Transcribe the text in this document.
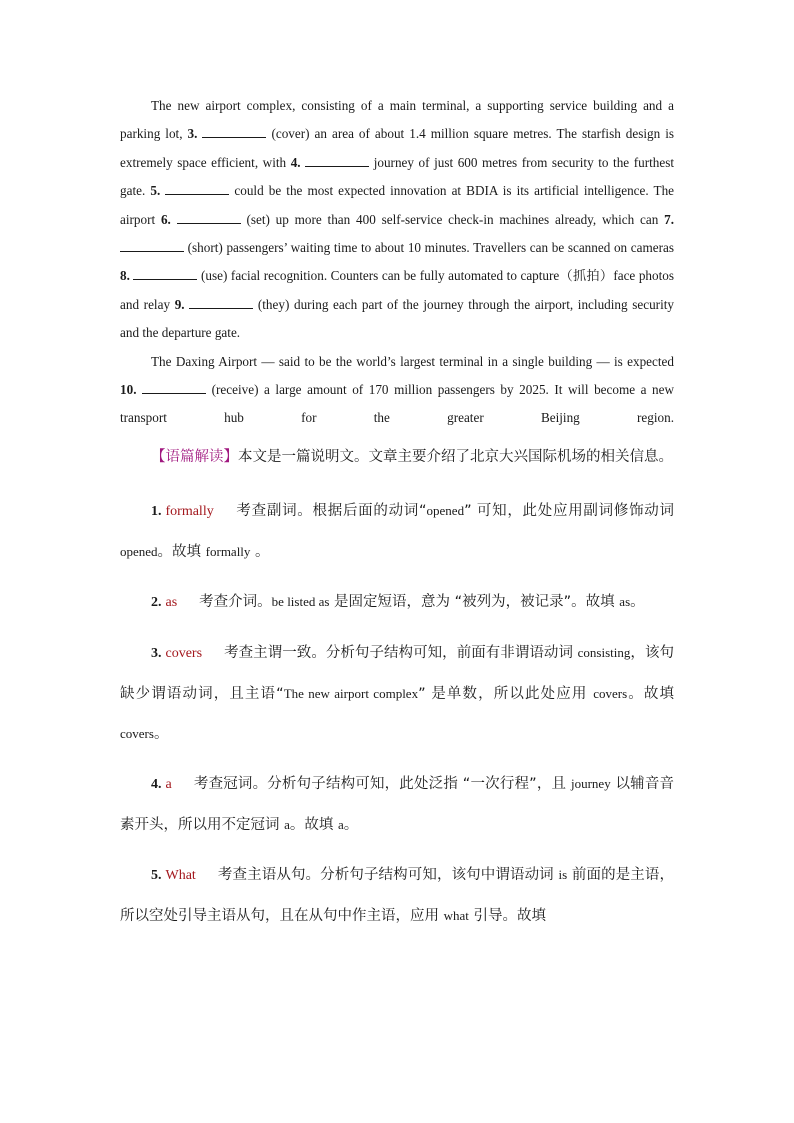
The new airport complex, consisting of a main terminal, a supporting service building and a parking lot, 3.	(cover) an area of about 1.4 million square metres. The starfish design is extremely space efficient, with 4.	journey of just 600 metres from security to the furthest gate. 5.	could be the most expected innovation at BDIA is its artificial intelligence. The airport 6.	(set) up more than 400 self-service check-in machines already, which can 7.  (short) passengers’ waiting time to about 10 minutes. Travellers can be scanned on cameras 8.	(use) facial recognition. Counters can be fully automated to capture（抓拍）face photos and relay 9.	(they) during each part of the journey through the airport, including security and the departure gate.

The Daxing Airport — said to be the world’s largest terminal in a single building — is expected 10.	(receive) a large amount of 170 million passengers by 2025. It will become a new transport hub for the greater Beijing region.

【语篇解读】本文是一篇说明文。文章主要介绍了北京大兴国际机场的相关信息。

1. formally 考查副词。根据后面的动词“opened” 可知，此处应用副词修饰动词 opened。故填 formally 。

2. as 考查介词。be listed as 是固定短语，意为 “被列为，被记录”。故填 as。

3. covers 考查主谓一致。分析句子结构可知，前面有非谓语动词 consisting，该句缺少谓语动词，且主语“The new airport complex” 是单数，所以此处应用 covers。故填 covers。

4. a 考查冠词。分析句子结构可知，此处泛指 “一次行程”，且 journey 以辅音音素开头，所以用不定冠词 a。故填 a。

5. What 考查主语从句。分析句子结构可知，该句中谓语动词 is 前面的是主语，所以空处引导主语从句，且在从句中作主语，应用 what 引导。故填
